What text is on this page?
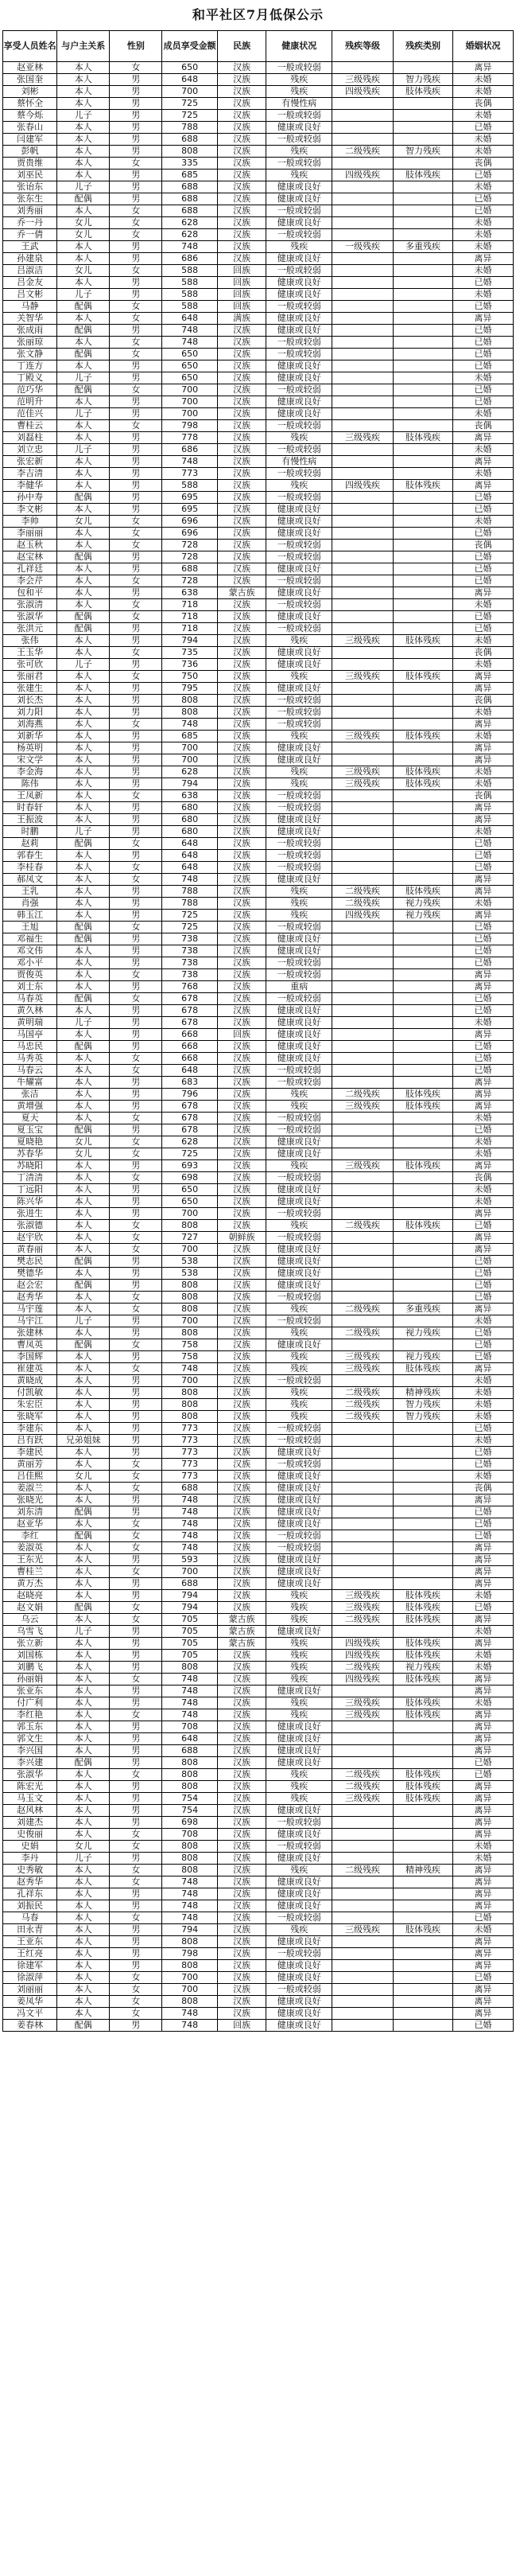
和平社区7月低保公示
享受人员姓名	与户主关系	性别	成员享受金额	民族	健康状况	残疾等级	残疾类别	婚姻状况
赵亚林	本人	女	650	汉族	一般或较弱			离异
张国奎	本人	男	648	汉族	残疾	三级残疾	智力残疾	未婚
刘彬	本人	男	700	汉族	残疾	四级残疾	肢体残疾	未婚
蔡怀全	本人	男	725	汉族	有慢性病			丧偶
蔡今烁	儿子	男	725	汉族	一般或较弱			未婚
张春山	本人	男	788	汉族	健康或良好			已婚
闫建军	本人	男	688	汉族	一般或较弱			未婚
彭帆	本人	男	808	汉族	残疾	二级残疾	智力残疾	未婚
贾贵维	本人	女	335	汉族	一般或较弱			丧偶
刘巫民	本人	男	685	汉族	残疾	四级残疾	肢体残疾	已婚
张诒东	儿子	男	688	汉族	健康或良好			未婚
张东生	配偶	男	688	汉族	健康或良好			已婚
刘秀丽	本人	女	688	汉族	一般或较弱			已婚
乔一丹	女儿	女	628	汉族	健康或良好			未婚
乔一倩	女儿	女	628	汉族	一般或较弱			未婚
王武	本人	男	748	汉族	残疾	一级残疾	多重残疾	未婚
孙建泉	本人	男	686	汉族	健康或良好			离异
吕淑洁	女儿	女	588	回族	一般或较弱			未婚
吕金友	本人	男	588	回族	健康或良好			已婚
吕文彬	儿子	男	588	回族	健康或良好			未婚
马静	配偶	女	588	回族	一般或较弱			已婚
关智华	本人	女	648	满族	健康或良好			离异
张成雨	配偶	男	748	汉族	健康或良好			已婚
张丽琼	本人	女	748	汉族	一般或较弱			已婚
张文静	配偶	女	650	汉族	一般或较弱			已婚
丁连方	本人	男	650	汉族	健康或良好			已婚
丁殿义	儿子	男	650	汉族	健康或良好			未婚
范巧华	配偶	女	700	汉族	一般或较弱			已婚
范明升	本人	男	700	汉族	健康或良好			已婚
范佳兴	儿子	男	700	汉族	健康或良好			未婚
曹桂云	本人	女	798	汉族	一般或较弱			丧偶
刘磊柱	本人	男	778	汉族	残疾	三级残疾	肢体残疾	离异
刘立忠	儿子	男	686	汉族	一般或较弱			未婚
张宏新	本人	男	748	汉族	有慢性病			离异
李吉清	本人	男	773	汉族	一般或较弱			未婚
李健华	本人	男	588	汉族	残疾	四级残疾	肢体残疾	离异
孙中寿	配偶	男	695	汉族	一般或较弱			已婚
李文彬	本人	男	695	汉族	健康或良好			已婚
李帅	女儿	女	696	汉族	健康或良好			未婚
李丽丽	本人	女	696	汉族	健康或良好			已婚
赵玉秋	本人	女	728	汉族	一般或较弱			丧偶
赵宝林	配偶	男	728	汉族	一般或较弱			已婚
孔祥廷	本人	男	688	汉族	健康或良好			已婚
李会芹	本人	女	728	汉族	一般或较弱			已婚
包和平	本人	男	638	蒙古族	健康或良好			离异
张淑清	本人	女	718	汉族	一般或较弱			未婚
张淑华	配偶	女	718	汉族	健康或良好			已婚
张洪元	配偶	男	718	汉族	一般或较弱			已婚
张伟	本人	男	794	汉族	残疾	三级残疾	肢体残疾	未婚
王玉华	本人	女	735	汉族	健康或良好			丧偶
张可欣	儿子	男	736	汉族	健康或良好			未婚
张丽君	本人	女	750	汉族	残疾	三级残疾	肢体残疾	离异
张建生	本人	男	795	汉族	健康或良好			离异
刘长杰	本人	男	808	汉族	一般或较弱			丧偶
刘力阳	本人	男	808	汉族	一般或较弱			未婚
刘海燕	本人	女	748	汉族	一般或较弱			离异
刘新华	本人	男	685	汉族	残疾	三级残疾	肢体残疾	未婚
杨英明	本人	男	700	汉族	健康或良好			离异
宋文学	本人	男	700	汉族	健康或良好			离异
李金海	本人	男	628	汉族	残疾	三级残疾	肢体残疾	未婚
陈伟	本人	男	794	汉族	残疾	三级残疾	肢体残疾	未婚
王凤新	本人	女	638	汉族	一般或较弱			丧偶
时春轩	本人	男	680	汉族	一般或较弱			离异
王振波	本人	男	680	汉族	健康或良好			离异
时鹏	儿子	男	680	汉族	健康或良好			未婚
赵莉	配偶	女	648	汉族	一般或较弱			已婚
郭春生	本人	男	648	汉族	一般或较弱			已婚
李桂春	本人	女	648	汉族	一般或较弱			已婚
郝凤文	本人	女	748	汉族	健康或良好			离异
王乳	本人	男	788	汉族	残疾	二级残疾	肢体残疾	离异
肖强	本人	男	788	汉族	残疾	二级残疾	视力残疾	未婚
韩玉江	本人	男	725	汉族	残疾	四级残疾	视力残疾	离异
王旭	配偶	女	725	汉族	一般或较弱			已婚
邓福生	配偶	男	738	汉族	健康或良好			已婚
邓文伟	本人	男	738	汉族	健康或良好			已婚
邓小平	本人	男	738	汉族	一般或较弱			已婚
贾俊英	本人	女	738	汉族	一般或较弱			离异
刘士东	本人	男	768	汉族	重病			离异
马春英	配偶	女	678	汉族	一般或较弱			已婚
黄久林	本人	男	678	汉族	健康或良好			已婚
黄明瑞	儿子	男	678	汉族	健康或良好			未婚
马国亭	本人	男	668	回族	健康或良好			离异
马忠民	配偶	男	668	汉族	健康或良好			已婚
马秀英	本人	女	668	汉族	健康或良好			已婚
马春云	本人	女	648	汉族	一般或较弱			已婚
牛耀富	本人	男	683	汉族	一般或较弱			离异
张洁	本人	男	796	汉族	残疾	二级残疾	肢体残疾	离异
黄增强	本人	男	678	汉族	残疾	三级残疾	肢体残疾	离异
夏天	本人	女	678	汉族	一般或较弱			未婚
夏玉宝	配偶	男	678	汉族	一般或较弱			已婚
夏晓艳	女儿	女	628	汉族	健康或良好			未婚
苏春华	女儿	女	725	汉族	健康或良好			未婚
苏晓阳	本人	男	693	汉族	残疾	三级残疾	肢体残疾	离异
丁清清	本人	女	698	汉族	一般或较弱			丧偶
丁远阳	本人	男	650	汉族	健康或良好			未婚
陈兴华	本人	男	650	汉族	健康或良好			未婚
张进生	本人	男	700	汉族	一般或较弱			离异
张淑德	本人	女	808	汉族	残疾	二级残疾	肢体残疾	已婚
赵宇欣	本人	女	727	朝鲜族	一般或较弱			离异
黄春丽	本人	女	700	汉族	健康或良好			离异
樊志民	配偶	男	538	汉族	健康或良好			已婚
樊德华	本人	男	538	汉族	健康或良好			已婚
赵会宏	配偶	男	808	汉族	健康或良好			已婚
赵秀华	本人	女	808	汉族	一般或较弱			已婚
马宇莲	本人	女	808	汉族	残疾	二级残疾	多重残疾	离异
马宇江	儿子	男	700	汉族	一般或较弱			未婚
张建林	本人	男	808	汉族	残疾	二级残疾	视力残疾	已婚
曹凤英	配偶	女	758	汉族	健康或良好			已婚
李国辉	本人	男	758	汉族	残疾	三级残疾	视力残疾	已婚
崔建英	本人	女	748	汉族	残疾	三级残疾	肢体残疾	离异
黄晓成	本人	男	700	汉族	一般或较弱			未婚
付凯敏	本人	男	808	汉族	残疾	二级残疾	精神残疾	未婚
朱宏臣	本人	男	808	汉族	残疾	二级残疾	智力残疾	未婚
张晓军	本人	男	808	汉族	残疾	二级残疾	智力残疾	未婚
李建东	本人	男	773	汉族	一般或较弱			已婚
吕有跃	兄弟姐妹	男	773	汉族	一般或较弱			未婚
李建民	本人	男	773	汉族	健康或良好			已婚
黄丽芳	本人	女	773	汉族	一般或较弱			已婚
吕佳熙	女儿	女	773	汉族	健康或良好			未婚
姜淑兰	本人	女	688	汉族	健康或良好			丧偶
张晓光	本人	男	748	汉族	健康或良好			离异
刘东清	配偶	男	748	汉族	健康或良好			已婚
赵亚华	本人	女	748	汉族	健康或良好			已婚
李红	配偶	女	748	汉族	一般或较弱			已婚
姜淑英	本人	女	748	汉族	一般或较弱			离异
王东光	本人	男	593	汉族	健康或良好			离异
曹桂兰	本人	女	700	汉族	健康或良好			离异
黄万杰	本人	男	688	汉族	健康或良好			离异
赵晓亮	本人	男	794	汉族	残疾	三级残疾	肢体残疾	未婚
赵文娟	配偶	女	794	汉族	残疾	三级残疾	肢体残疾	已婚
乌云	本人	女	705	蒙古族	残疾	二级残疾	肢体残疾	离异
乌雪飞	儿子	男	705	蒙古族	健康或良好			未婚
张立新	本人	男	705	蒙古族	残疾	四级残疾	肢体残疾	离异
刘国栋	本人	男	705	汉族	残疾	四级残疾	肢体残疾	未婚
刘鹏飞	本人	男	808	汉族	残疾	二级残疾	视力残疾	未婚
孙丽娟	本人	女	748	汉族	残疾	四级残疾	肢体残疾	离异
张亚东	本人	男	748	汉族	健康或良好			离异
付广利	本人	男	748	汉族	残疾	三级残疾	肢体残疾	未婚
李红艳	本人	女	748	汉族	残疾	三级残疾	肢体残疾	离异
郭玉东	本人	男	708	汉族	健康或良好			离异
郭文生	本人	男	648	汉族	健康或良好			离异
李兴国	本人	男	688	汉族	健康或良好			离异
李兴建	配偶	男	808	汉族	健康或良好			已婚
张淑华	本人	女	808	汉族	残疾	二级残疾	肢体残疾	已婚
陈宏光	本人	男	808	汉族	残疾	二级残疾	肢体残疾	离异
马玉文	本人	男	754	汉族	残疾	三级残疾	肢体残疾	离异
赵风林	本人	男	754	汉族	健康或良好			离异
刘建杰	本人	男	698	汉族	一般或较弱			离异
史俊丽	本人	女	708	汉族	健康或良好			离异
史娟	女儿	女	808	汉族	一般或较弱			未婚
李丹	儿子	男	808	汉族	健康或良好			未婚
史秀敏	本人	女	808	汉族	残疾	二级残疾	精神残疾	离异
赵秀华	本人	女	748	汉族	健康或良好			离异
孔祥东	本人	男	748	汉族	健康或良好			离异
刘振民	本人	男	748	汉族	健康或良好			离异
马春	本人	女	748	汉族	一般或较弱			已婚
田永青	本人	男	794	汉族	残疾	三级残疾	肢体残疾	未婚
王亚东	本人	男	808	汉族	健康或良好			离异
王红亮	本人	男	798	汉族	一般或较弱			离异
徐建军	本人	男	808	汉族	健康或良好			离异
徐淑萍	本人	女	700	汉族	健康或良好			已婚
刘丽丽	本人	女	700	汉族	一般或较弱			离异
姜凤华	本人	女	808	汉族	健康或良好			离异
冯文平	本人	女	748	汉族	健康或良好			离异
姜春林	配偶	男	748	回族	健康或良好			已婚
